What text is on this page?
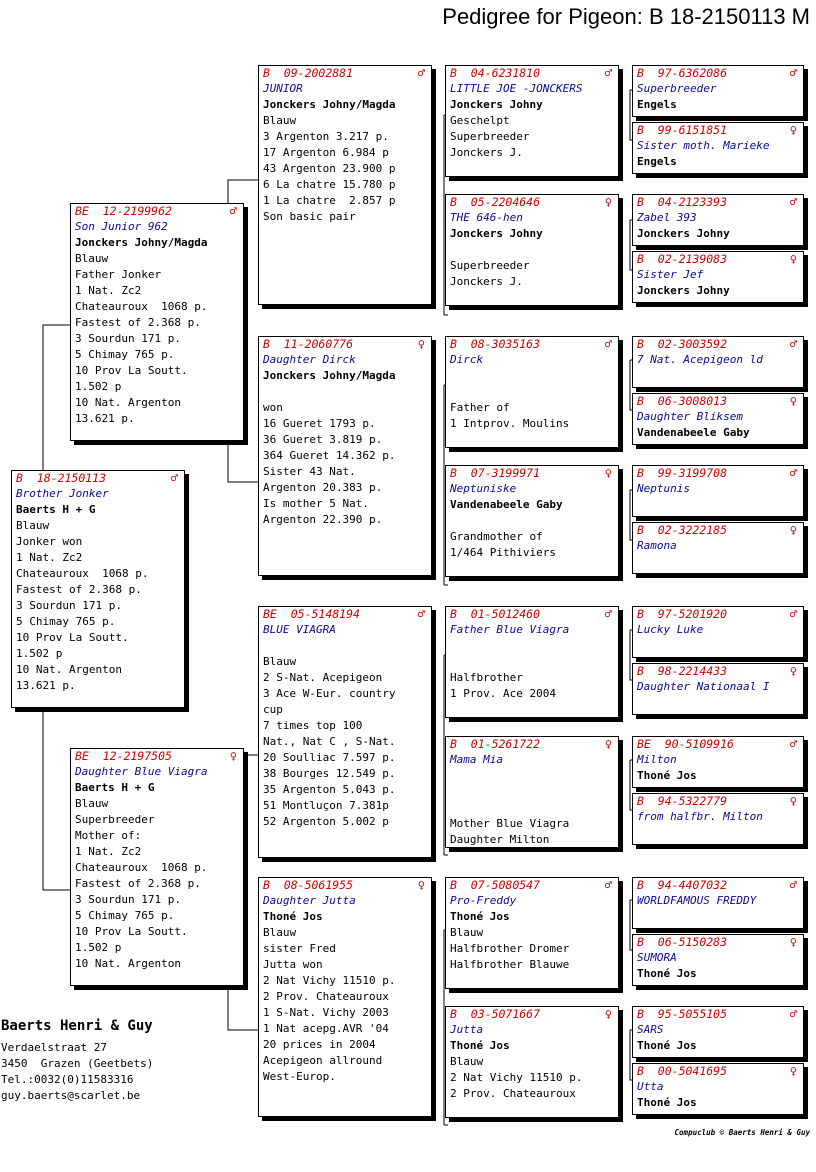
Pedigree for Pigeon: B 18-2150113 M
B 18-2150113	♂
Brother Jonker
Baerts H + G
Blauw
Jonker won
1 Nat. Zc2
Chateauroux  1068 p.
Fastest of 2.368 p.
3 Sourdun 171 p.
5 Chimay 765 p.
10 Prov La Soutt.
1.502 p
10 Nat. Argenton
13.621 p.
BE 12-2199962	♂
Son Junior 962
Jonckers Johny/Magda
Blauw
Father Jonker
1 Nat. Zc2
Chateauroux  1068 p.
Fastest of 2.368 p.
3 Sourdun 171 p.
5 Chimay 765 p.
10 Prov La Soutt.
1.502 p
10 Nat. Argenton
13.621 p.
BE 12-2197505	♀
Daughter Blue Viagra
Baerts H + G
Blauw
Superbreeder
Mother of:
1 Nat. Zc2
Chateauroux  1068 p.
Fastest of 2.368 p.
3 Sourdun 171 p.
5 Chimay 765 p.
10 Prov La Soutt.
1.502 p
10 Nat. Argenton
B 09-2002881	♂
JUNIOR
Jonckers Johny/Magda
Blauw
3 Argenton 3.217 p.
17 Argenton 6.984 p
43 Argenton 23.900 p
6 La chatre 15.780 p
1 La chatre  2.857 p
Son basic pair
B 11-2060776	♀
Daughter Dirck
Jonckers Johny/Magda
won
16 Gueret 1793 p.
36 Gueret 3.819 p.
364 Gueret 14.362 p.
Sister 43 Nat.
Argenton 20.383 p.
Is mother 5 Nat.
Argenton 22.390 p.
BE 05-5148194	♂
BLUE VIAGRA
Blauw
2 S-Nat. Acepigeon
3 Ace W-Eur. country
cup
7 times top 100
Nat., Nat C , S-Nat.
20 Soulliac 7.597 p.
38 Bourges 12.549 p.
35 Argenton 5.043 p.
51 Montluçon 7.381p
52 Argenton 5.002 p
B 08-5061955	♀
Daughter Jutta
Thoné Jos
Blauw
sister Fred
Jutta won
2 Nat Vichy 11510 p.
2 Prov. Chateauroux
1 S-Nat. Vichy 2003
1 Nat acepg.AVR '04
20 prices in 2004
Acepigeon allround
West-Europ.
B 04-6231810	♂
LITTLE JOE -JONCKERS
Jonckers Johny
Geschelpt
Superbreeder
Jonckers J.
B 05-2204646	♀
THE 646-hen
Jonckers Johny
Superbreeder
Jonckers J.
B 08-3035163	♂
Dirck
Father of
1 Intprov. Moulins
B 07-3199971	♀
Neptuniske
Vandenabeele Gaby
Grandmother of
1/464 Pithiviers
B 01-5012460	♂
Father Blue Viagra
Halfbrother
1 Prov. Ace 2004
B 01-5261722	♀
Mama Mia
Mother Blue Viagra
Daughter Milton
B 07-5080547	♂
Pro-Freddy
Thoné Jos
Blauw
Halfbrother Dromer
Halfbrother Blauwe
B 03-5071667	♀
Jutta
Thoné Jos
Blauw
2 Nat Vichy 11510 p.
2 Prov. Chateauroux
B 97-6362086	♂
Superbreeder
Engels
B 99-6151851	♀
Sister moth. Marieke
Engels
B 04-2123393	♂
Zabel 393
Jonckers Johny
B 02-2139083	♀
Sister Jef
Jonckers Johny
B 02-3003592	♂
7 Nat. Acepigeon ld
B 06-3008013	♀
Daughter Bliksem
Vandenabeele Gaby
B 99-3199708	♂
Neptunis
B 02-3222185	♀
Ramona
B 97-5201920	♂
Lucky Luke
B 98-2214433	♀
Daughter Nationaal I
BE 90-5109916	♂
Milton
Thoné Jos
B 94-5322779	♀
from halfbr. Milton
B 94-4407032	♂
WORLDFAMOUS FREDDY
B 06-5150283	♀
SUMORA
Thoné Jos
B 95-5055105	♂
SARS
Thoné Jos
B 00-5041695	♀
Utta
Thoné Jos
Baerts Henri & Guy
Verdaelstraat 27
3450  Grazen (Geetbets)
Tel.:0032(0)11583316
guy.baerts@scarlet.be
Compuclub © Baerts Henri & Guy
